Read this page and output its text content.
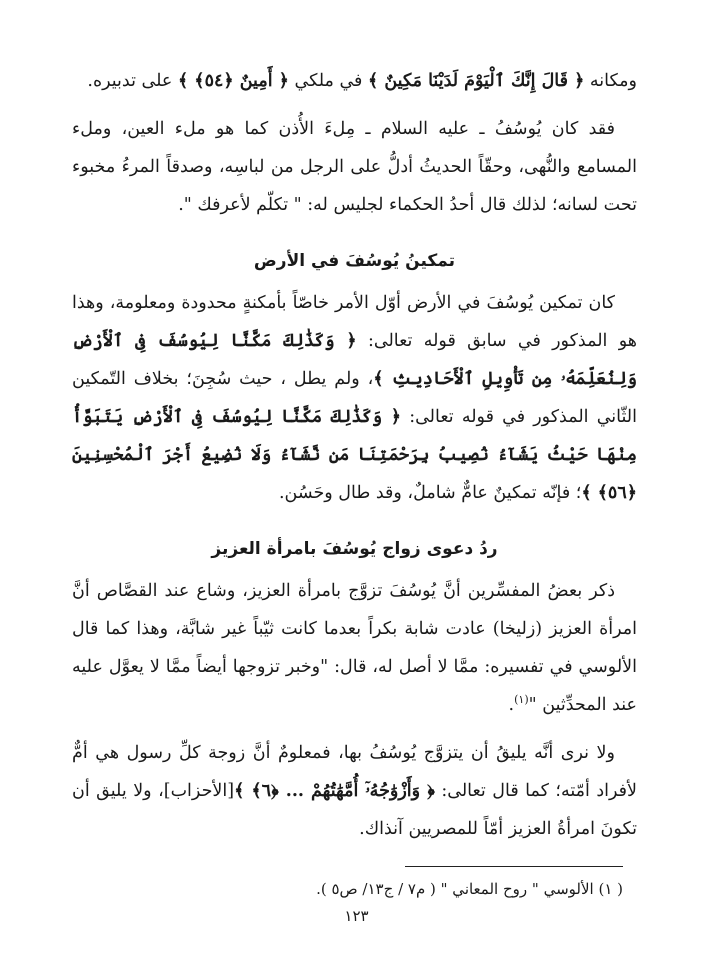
ومكانه ﴿ قَالَ إِنَّكَ ٱلْيَوْمَ لَدَيْنَا مَكِينٌ ﴾ في ملكي ﴿ أَمِينٌ ﴿٥٤﴾ ﴾ على تدبيره.

فقد كان يُوسُفُ ـ عليه السلام ـ مِلءَ الأُذن كما هو ملء العين، وملء المسامع والنُّهى، وحقّاً الحديثُ أدلُّ على الرجل من لباسِه، وصدقاً المرءُ مخبوء تحت لسانه؛ لذلك قال أحدُ الحكماء لجليس له: " تكلّم لأعرفك ".

تمكينُ يُوسُفَ في الأرض

كان تمكين يُوسُفَ في الأرض أوّل الأمر خاصّاً بأمكنةٍ محدودة ومعلومة، وهذا هو المذكور في سابق قوله تعالى: ﴿ وَكَذَٰلِكَ مَكَّنَّا لِيُوسُفَ فِى ٱلْأَرْضِ وَلِنُعَلِّمَهُۥ مِن تَأْوِيلِ ٱلْأَحَادِيثِ ﴾، ولم يطل ، حيث سُجِنَ؛ بخلاف التّمكين الثّاني المذكور في قوله تعالى: ﴿ وَكَذَٰلِكَ مَكَّنَّا لِيُوسُفَ فِى ٱلْأَرْضِ يَتَبَوَّأُ مِنْهَا حَيْثُ يَشَآءُ نُصِيبُ بِرَحْمَتِنَا مَن نَّشَآءُ وَلَا نُضِيعُ أَجْرَ ٱلْمُحْسِنِينَ ﴿٥٦﴾ ﴾؛ فإنّه تمكينٌ عامٌّ شاملٌ، وقد طال وحَسُن.

ردُ دعوى زواج يُوسُفَ بامرأة العزيز

ذكر بعضُ المفسِّرين أنَّ يُوسُفَ تزوَّج بامرأة العزيز، وشاع عند القصَّاص أنَّ امرأة العزيز (زليخا) عادت شابة بكراً بعدما كانت ثيّباً غير شابَّة، وهذا كما قال الألوسي في تفسيره: ممَّا لا أصل له، قال: "وخبر تزوجها أيضاً ممَّا لا يعوَّل عليه عند المحدِّثين "$^{(١)}$.

ولا نرى أنَّه يليقُ أن يتزوَّج يُوسُفُ بها، فمعلومٌ أنَّ زوجة كلِّ رسول هي أمٌّ لأفراد أمّته؛ كما قال تعالى: ﴿ وَأَزْوَٰجُهُۥٓ أُمَّهَٰتُهُمْ ... ﴿٦﴾ ﴾[الأحزاب]، ولا يليق أن تكونَ امرأةُ العزيز أمّاً للمصريين آنذاك.

( ١) الألوسي " روح المعاني " ( م٧ / ج١٣/ ص٥ ).
١٢٣
